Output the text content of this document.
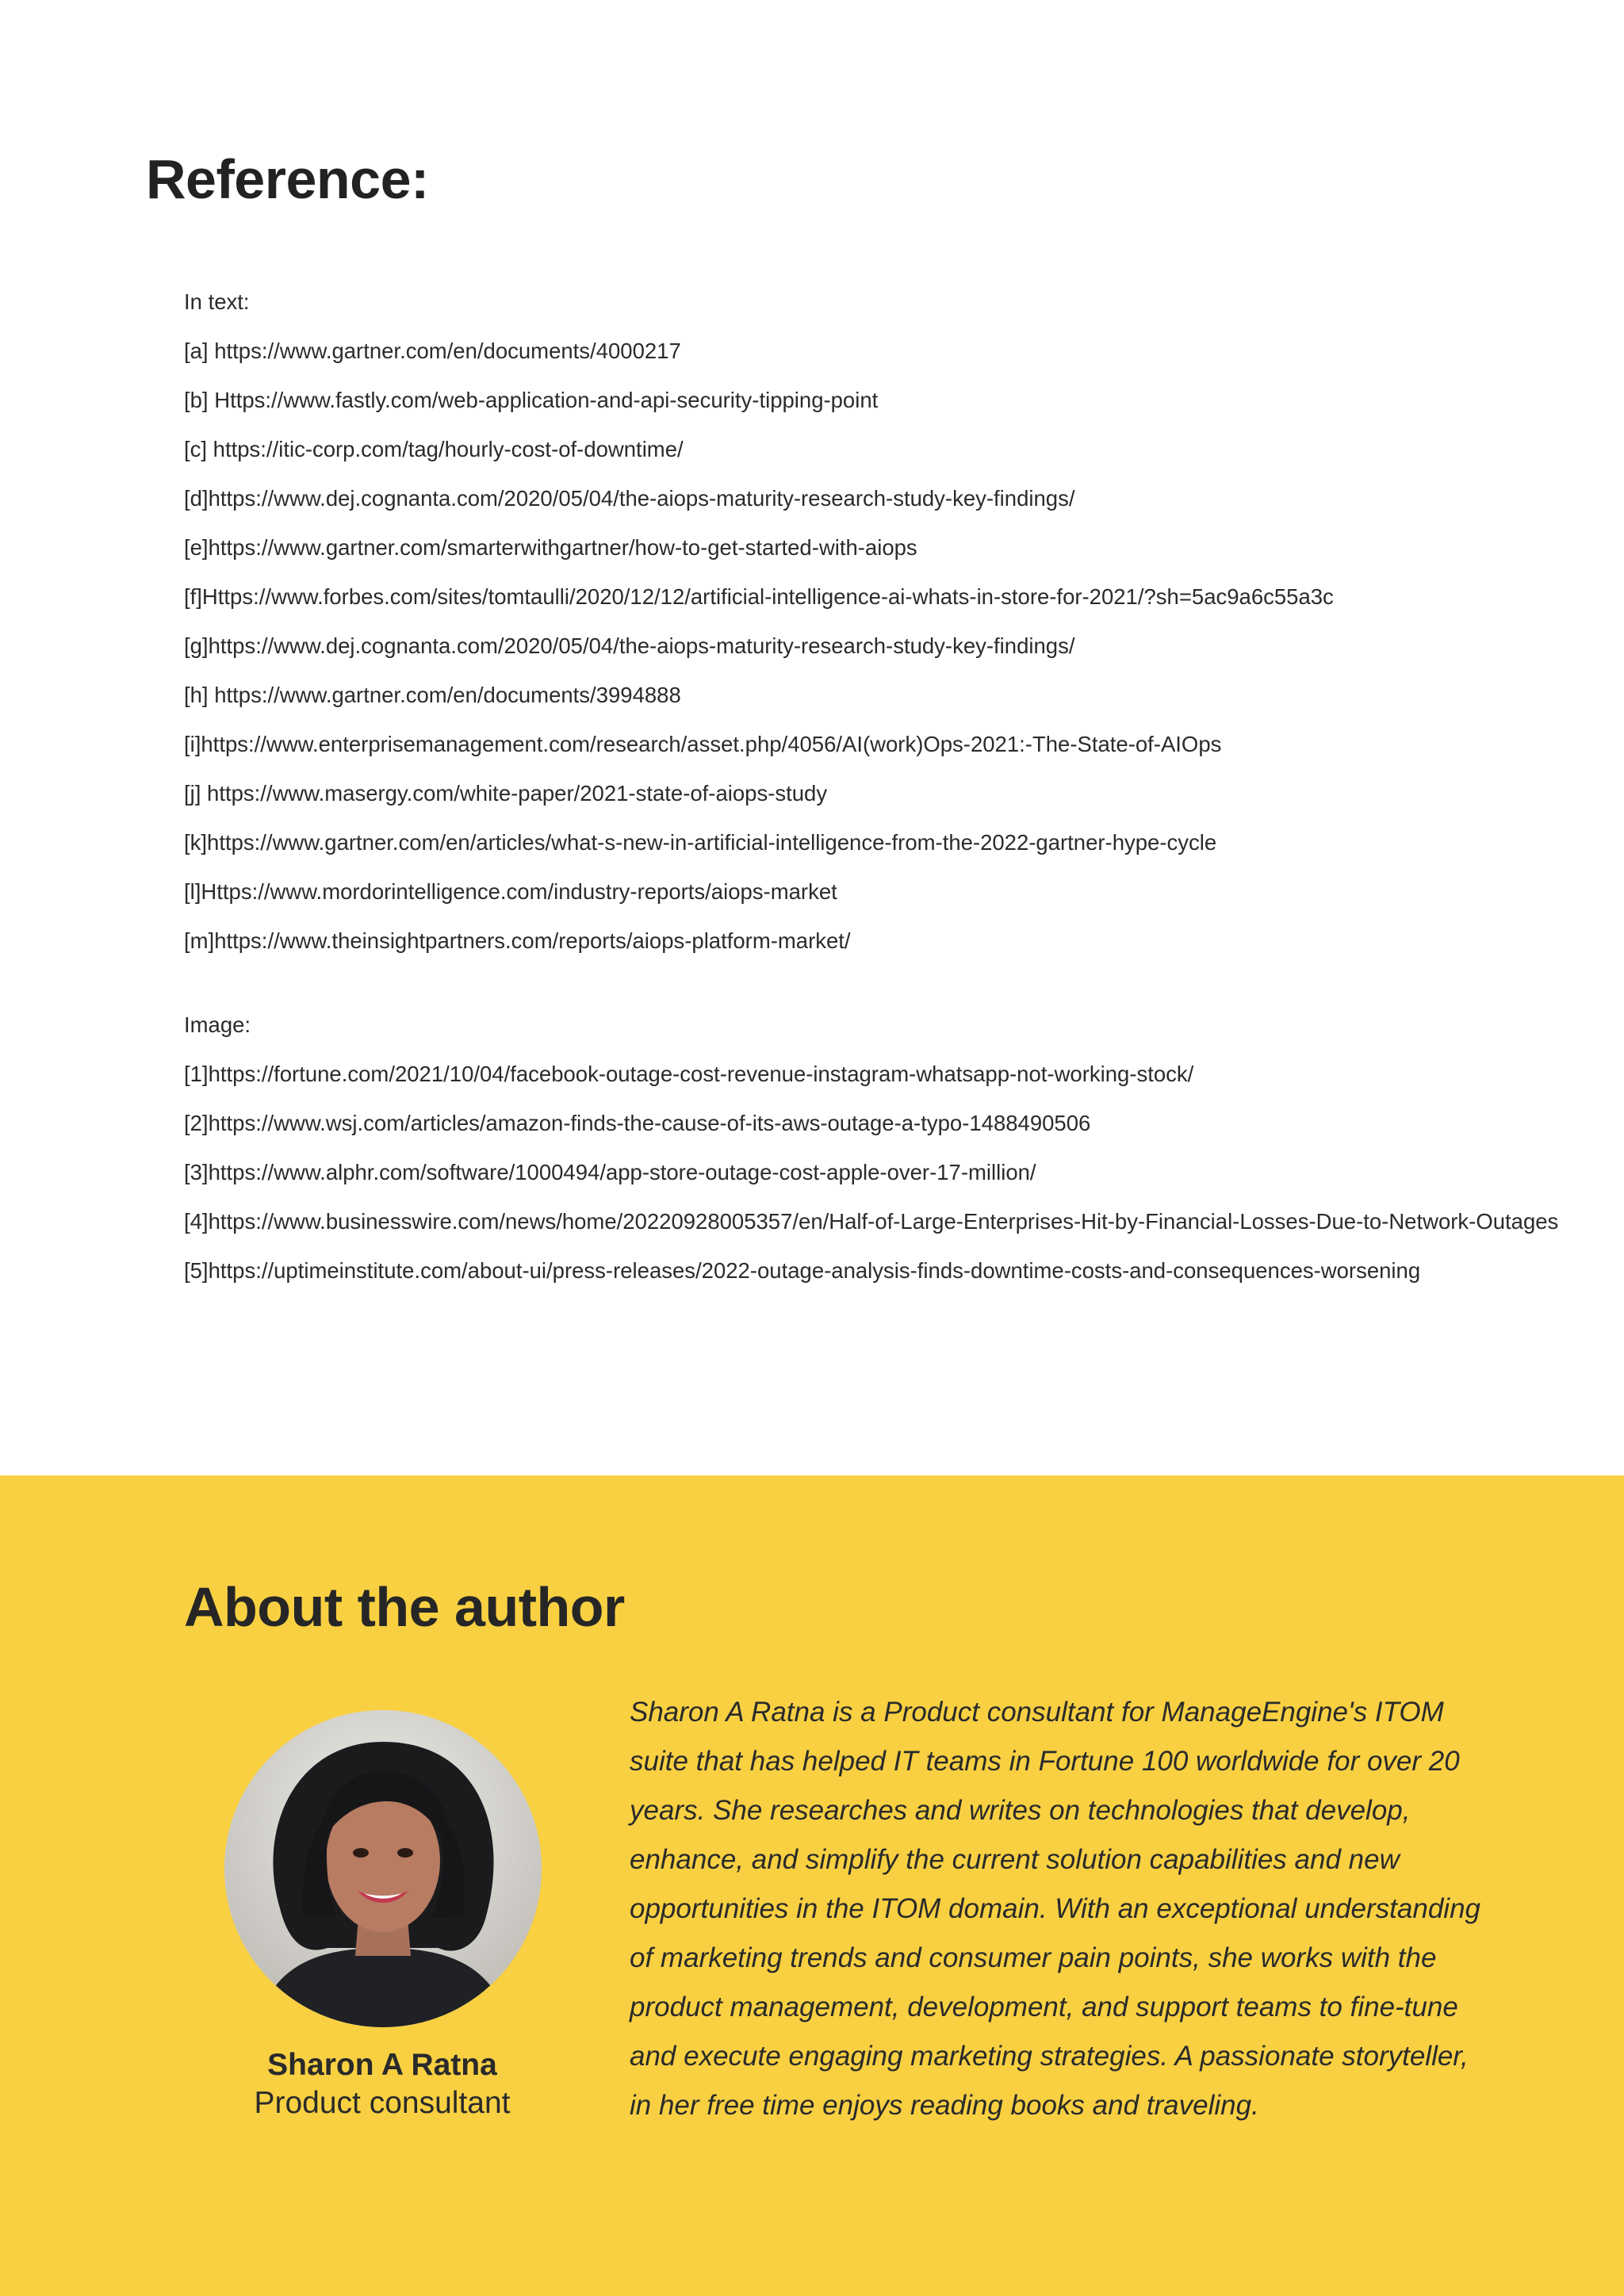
Reference:
In text:
[a] https://www.gartner.com/en/documents/4000217
[b] Https://www.fastly.com/web-application-and-api-security-tipping-point
[c] https://itic-corp.com/tag/hourly-cost-of-downtime/
[d]https://www.dej.cognanta.com/2020/05/04/the-aiops-maturity-research-study-key-findings/
[e]https://www.gartner.com/smarterwithgartner/how-to-get-started-with-aiops
[f]Https://www.forbes.com/sites/tomtaulli/2020/12/12/artificial-intelligence-ai-whats-in-store-for-2021/?sh=5ac9a6c55a3c
[g]https://www.dej.cognanta.com/2020/05/04/the-aiops-maturity-research-study-key-findings/
[h] https://www.gartner.com/en/documents/3994888
[i]https://www.enterprisemanagement.com/research/asset.php/4056/AI(work)Ops-2021:-The-State-of-AIOps
[j] https://www.masergy.com/white-paper/2021-state-of-aiops-study
[k]https://www.gartner.com/en/articles/what-s-new-in-artificial-intelligence-from-the-2022-gartner-hype-cycle
[l]Https://www.mordorintelligence.com/industry-reports/aiops-market
[m]https://www.theinsightpartners.com/reports/aiops-platform-market/
Image:
[1]https://fortune.com/2021/10/04/facebook-outage-cost-revenue-instagram-whatsapp-not-working-stock/
[2]https://www.wsj.com/articles/amazon-finds-the-cause-of-its-aws-outage-a-typo-1488490506
[3]https://www.alphr.com/software/1000494/app-store-outage-cost-apple-over-17-million/
[4]https://www.businesswire.com/news/home/20220928005357/en/Half-of-Large-Enterprises-Hit-by-Financial-Losses-Due-to-Network-Outages
[5]https://uptimeinstitute.com/about-ui/press-releases/2022-outage-analysis-finds-downtime-costs-and-consequences-worsening
About the author
Sharon A Ratna
Product consultant

Sharon A Ratna is a Product consultant for ManageEngine's ITOM suite that has helped IT teams in Fortune 100 worldwide for over 20 years. She researches and writes on technologies that develop, enhance, and simplify the current solution capabilities and new opportunities in the ITOM domain. With an exceptional understanding of marketing trends and consumer pain points, she works with the product management, development, and support teams to fine-tune and execute engaging marketing strategies. A passionate storyteller, in her free time enjoys reading books and traveling.
